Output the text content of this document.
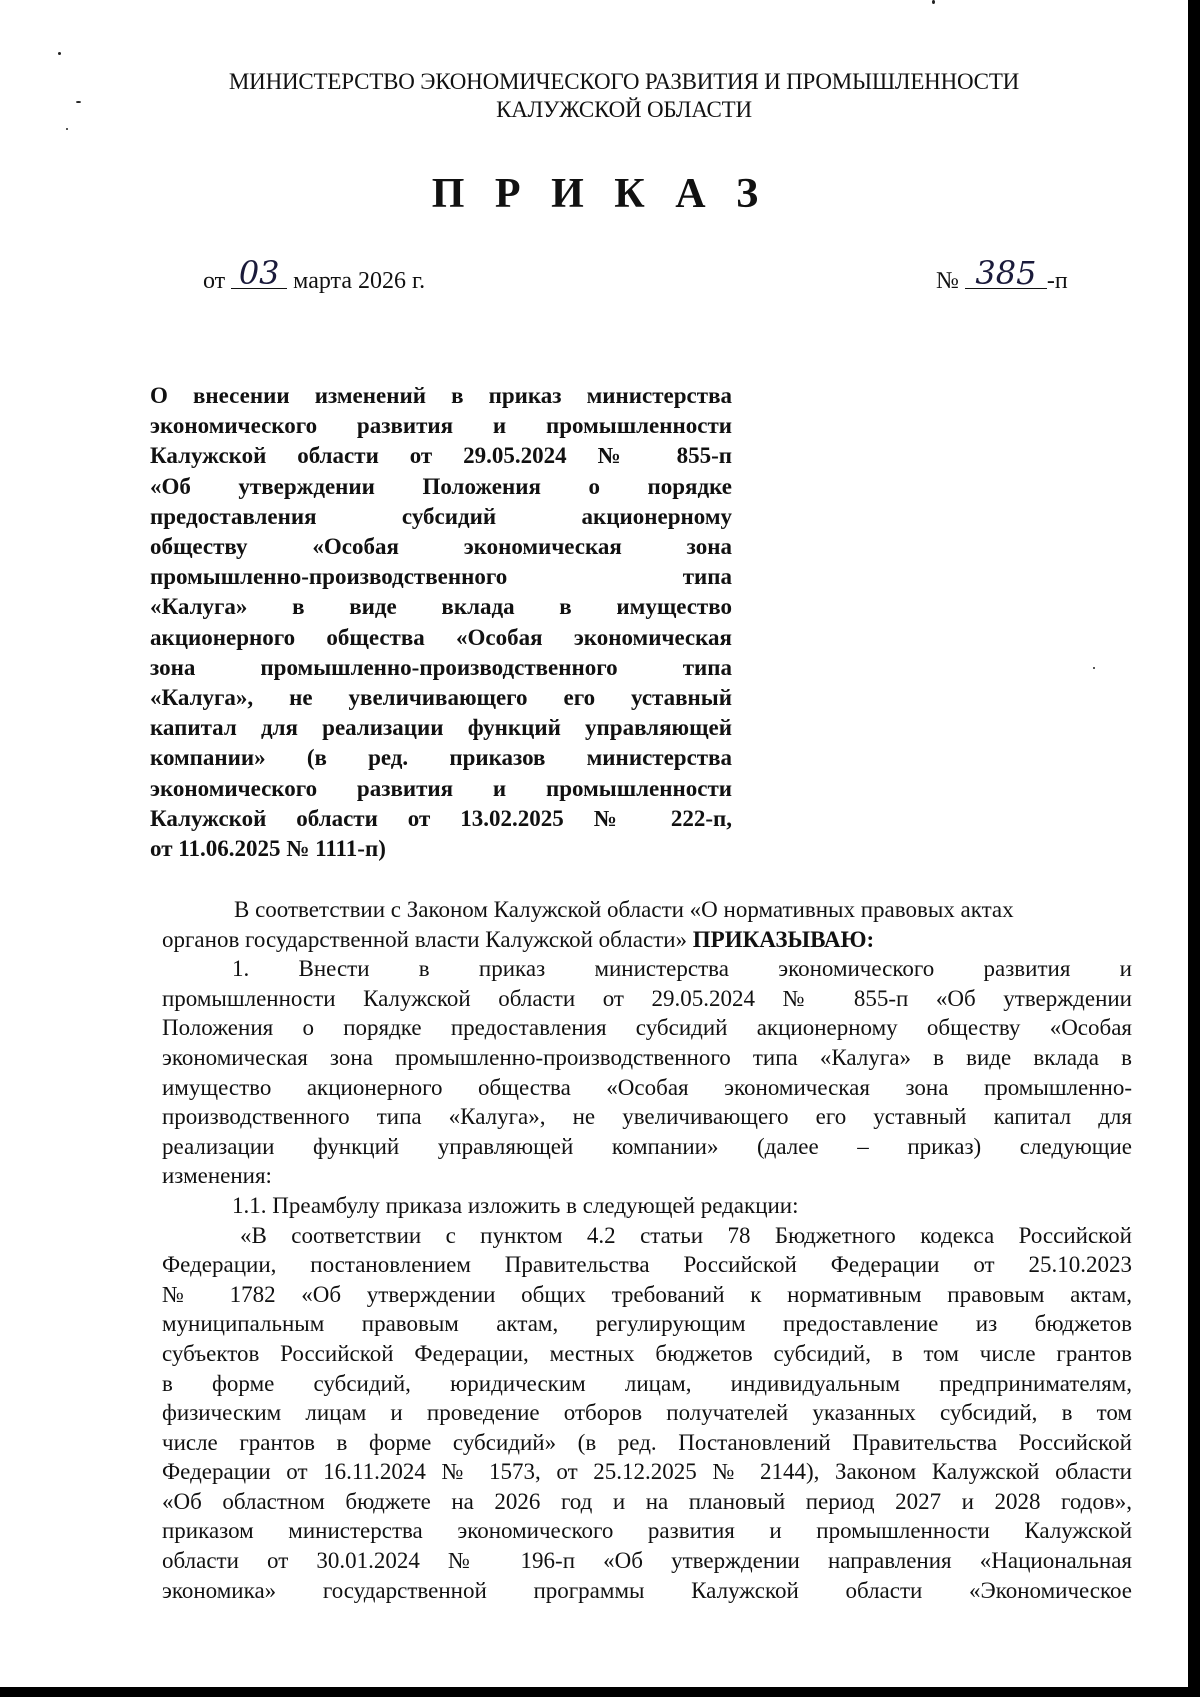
МИНИСТЕРСТВО ЭКОНОМИЧЕСКОГО РАЗВИТИЯ И ПРОМЫШЛЕННОСТИ
КАЛУЖСКОЙ ОБЛАСТИ
П Р И К А З
от 03 марта 2026 г.	№ 385 -п
О внесении изменений в приказ министерства
экономического развития и промышленности
Калужской области от 29.05.2024 № 855-п
«Об утверждении Положения о порядке
предоставления субсидий акционерному
обществу «Особая экономическая зона
промышленно-производственного типа
«Калуга» в виде вклада в имущество
акционерного общества «Особая экономическая
зона промышленно-производственного типа
«Калуга», не увеличивающего его уставный
капитал для реализации функций управляющей
компании» (в ред. приказов министерства
экономического развития и промышленности
Калужской области от 13.02.2025 № 222-п,
от 11.06.2025 № 1111-п)
В соответствии с Законом Калужской области «О нормативных правовых актах
органов государственной власти Калужской области» ПРИКАЗЫВАЮ:
1. Внести в приказ министерства экономического развития и
промышленности Калужской области от 29.05.2024 № 855-п «Об утверждении
Положения о порядке предоставления субсидий акционерному обществу «Особая
экономическая зона промышленно-производственного типа «Калуга» в виде вклада в
имущество акционерного общества «Особая экономическая зона промышленно-
производственного типа «Калуга», не увеличивающего его уставный капитал для
реализации функций управляющей компании» (далее – приказ) следующие
изменения:
1.1. Преамбулу приказа изложить в следующей редакции:
«В соответствии с пунктом 4.2 статьи 78 Бюджетного кодекса Российской
Федерации, постановлением Правительства Российской Федерации от 25.10.2023
№ 1782 «Об утверждении общих требований к нормативным правовым актам,
муниципальным правовым актам, регулирующим предоставление из бюджетов
субъектов Российской Федерации, местных бюджетов субсидий, в том числе грантов
в форме субсидий, юридическим лицам, индивидуальным предпринимателям,
физическим лицам и проведение отборов получателей указанных субсидий, в том
числе грантов в форме субсидий» (в ред. Постановлений Правительства Российской
Федерации от 16.11.2024 № 1573, от 25.12.2025 № 2144), Законом Калужской области
«Об областном бюджете на 2026 год и на плановый период 2027 и 2028 годов»,
приказом министерства экономического развития и промышленности Калужской
области от 30.01.2024 № 196-п «Об утверждении направления «Национальная
экономика» государственной программы Калужской области «Экономическое
